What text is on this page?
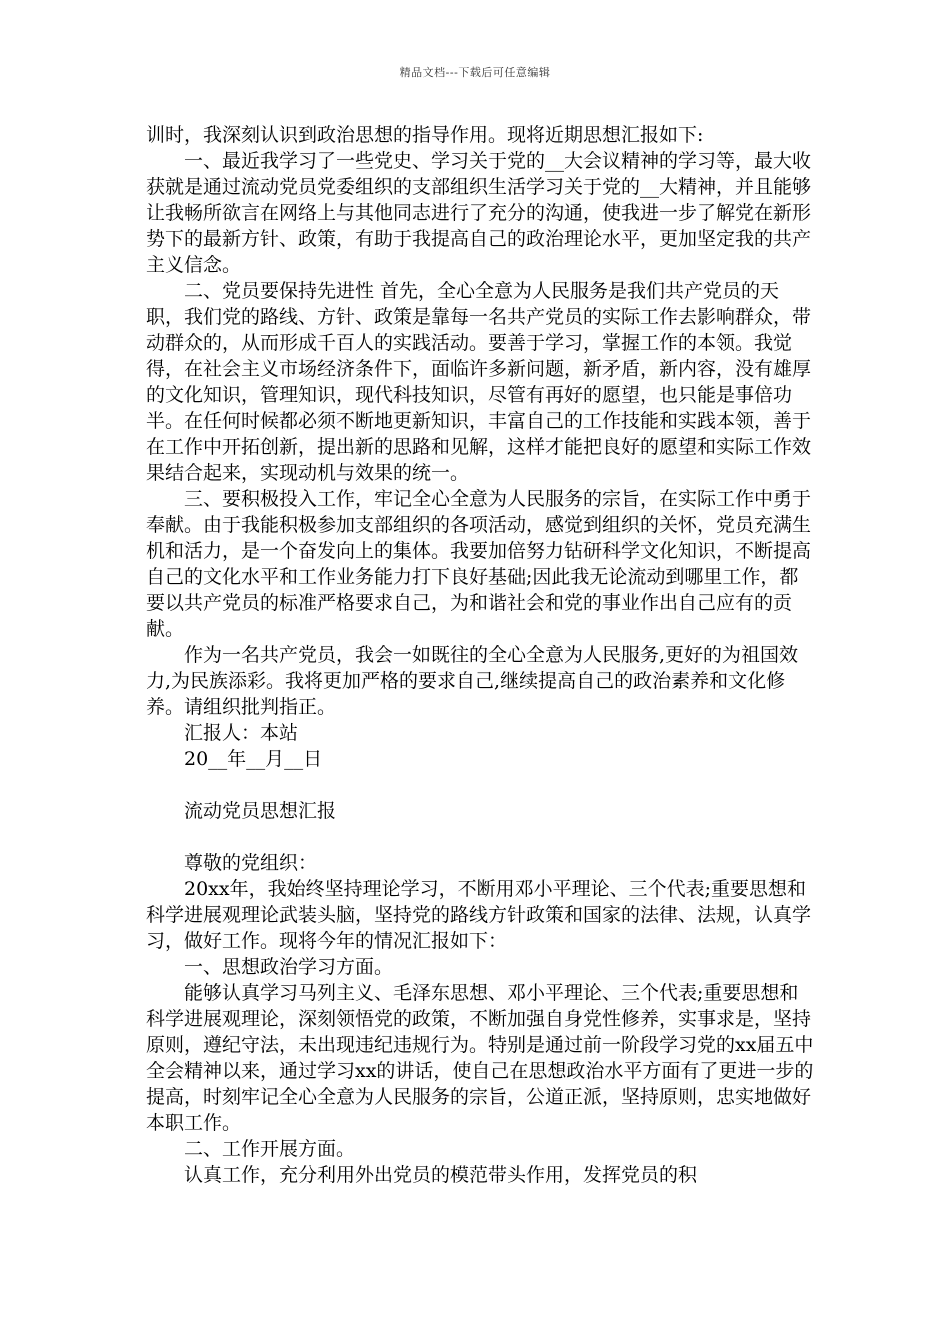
精品文档---下载后可任意编辑

训时，我深刻认识到政治思想的指导作用。现将近期思想汇报如下:

一、最近我学习了一些党史、学习关于党的__大会议精神的学习等，最大收获就是通过流动党员党委组织的支部组织生活学习关于党的__大精神，并且能够让我畅所欲言在网络上与其他同志进行了充分的沟通，使我进一步了解党在新形势下的最新方针、政策，有助于我提高自己的政治理论水平，更加坚定我的共产主义信念。

二、党员要保持先进性 首先，全心全意为人民服务是我们共产党员的天职，我们党的路线、方针、政策是靠每一名共产党员的实际工作去影响群众，带动群众的，从而形成千百人的实践活动。要善于学习，掌握工作的本领。我觉得，在社会主义市场经济条件下，面临许多新问题，新矛盾，新内容，没有雄厚的文化知识，管理知识，现代科技知识，尽管有再好的愿望，也只能是事倍功半。在任何时候都必须不断地更新知识，丰富自己的工作技能和实践本领，善于在工作中开拓创新，提出新的思路和见解，这样才能把良好的愿望和实际工作效果结合起来，实现动机与效果的统一。

三、要积极投入工作，牢记全心全意为人民服务的宗旨，在实际工作中勇于奉献。由于我能积极参加支部组织的各项活动，感觉到组织的关怀，党员充满生机和活力，是一个奋发向上的集体。我要加倍努力钻研科学文化知识，不断提高自己的文化水平和工作业务能力打下良好基础;因此我无论流动到哪里工作，都要以共产党员的标准严格要求自己，为和谐社会和党的事业作出自己应有的贡献。

作为一名共产党员，我会一如既往的全心全意为人民服务,更好的为祖国效力,为民族添彩。我将更加严格的要求自己,继续提高自己的政治素养和文化修养。请组织批判指正。

汇报人：本站

20__年__月__日

流动党员思想汇报

尊敬的党组织：

20xx年，我始终坚持理论学习，不断用邓小平理论、三个代表;重要思想和科学进展观理论武装头脑，坚持党的路线方针政策和国家的法律、法规，认真学习，做好工作。现将今年的情况汇报如下：

一、思想政治学习方面。

能够认真学习马列主义、毛泽东思想、邓小平理论、三个代表;重要思想和科学进展观理论，深刻领悟党的政策，不断加强自身党性修养，实事求是，坚持原则，遵纪守法，未出现违纪违规行为。特别是通过前一阶段学习党的xx届五中全会精神以来，通过学习xx的讲话，使自己在思想政治水平方面有了更进一步的提高，时刻牢记全心全意为人民服务的宗旨，公道正派，坚持原则，忠实地做好本职工作。

二、工作开展方面。

认真工作，充分利用外出党员的模范带头作用，发挥党员的积
